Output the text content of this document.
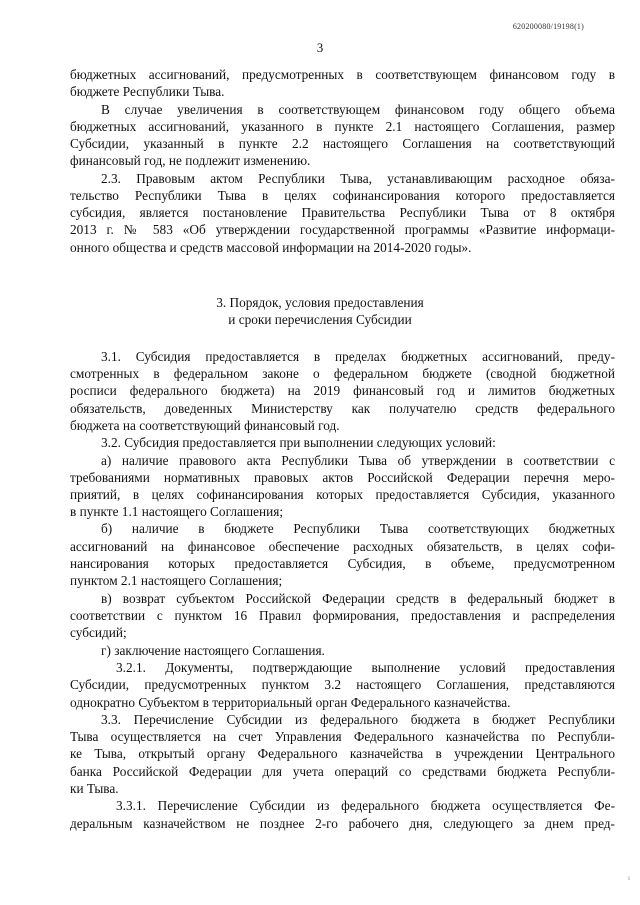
620200080/19198(1)
3
бюджетных ассигнований, предусмотренных в соответствующем финансовом году в
бюджете Республики Тыва.
В случае увеличения в соответствующем финансовом году общего объема
бюджетных ассигнований, указанного в пункте 2.1 настоящего Соглашения, размер
Субсидии, указанный в пункте 2.2 настоящего Соглашения на соответствующий
финансовый год, не подлежит изменению.
2.3. Правовым актом Республики Тыва, устанавливающим расходное обяза-
тельство Республики Тыва в целях софинансирования которого предоставляется
субсидия, является постановление Правительства Республики Тыва от 8 октября
2013 г. № 583 «Об утверждении государственной программы «Развитие информаци-
онного общества и средств массовой информации на 2014-2020 годы».
3. Порядок, условия предоставления
и сроки перечисления Субсидии
3.1. Субсидия предоставляется в пределах бюджетных ассигнований, преду-
смотренных в федеральном законе о федеральном бюджете (сводной бюджетной
росписи федерального бюджета) на 2019 финансовый год и лимитов бюджетных
обязательств, доведенных Министерству как получателю средств федерального
бюджета на соответствующий финансовый год.
3.2. Субсидия предоставляется при выполнении следующих условий:
а) наличие правового акта Республики Тыва об утверждении в соответствии с
требованиями нормативных правовых актов Российской Федерации перечня меро-
приятий, в целях софинансирования которых предоставляется Субсидия, указанного
в пункте 1.1 настоящего Соглашения;
б) наличие в бюджете Республики Тыва соответствующих бюджетных
ассигнований на финансовое обеспечение расходных обязательств, в целях софи-
нансирования которых предоставляется Субсидия, в объеме, предусмотренном
пунктом 2.1 настоящего Соглашения;
в) возврат субъектом Российской Федерации средств в федеральный бюджет в
соответствии с пунктом 16 Правил формирования, предоставления и распределения
субсидий;
г) заключение настоящего Соглашения.
3.2.1. Документы, подтверждающие выполнение условий предоставления
Субсидии, предусмотренных пунктом 3.2 настоящего Соглашения, представляются
однократно Субъектом в территориальный орган Федерального казначейства.
3.3. Перечисление Субсидии из федерального бюджета в бюджет Республики
Тыва осуществляется на счет Управления Федерального казначейства по Республи-
ке Тыва, открытый органу Федерального казначейства в учреждении Центрального
банка Российской Федерации для учета операций со средствами бюджета Республи-
ки Тыва.
3.3.1. Перечисление Субсидии из федерального бюджета осуществляется Фе-
деральным казначейством не позднее 2-го рабочего дня, следующего за днем пред-
ı
